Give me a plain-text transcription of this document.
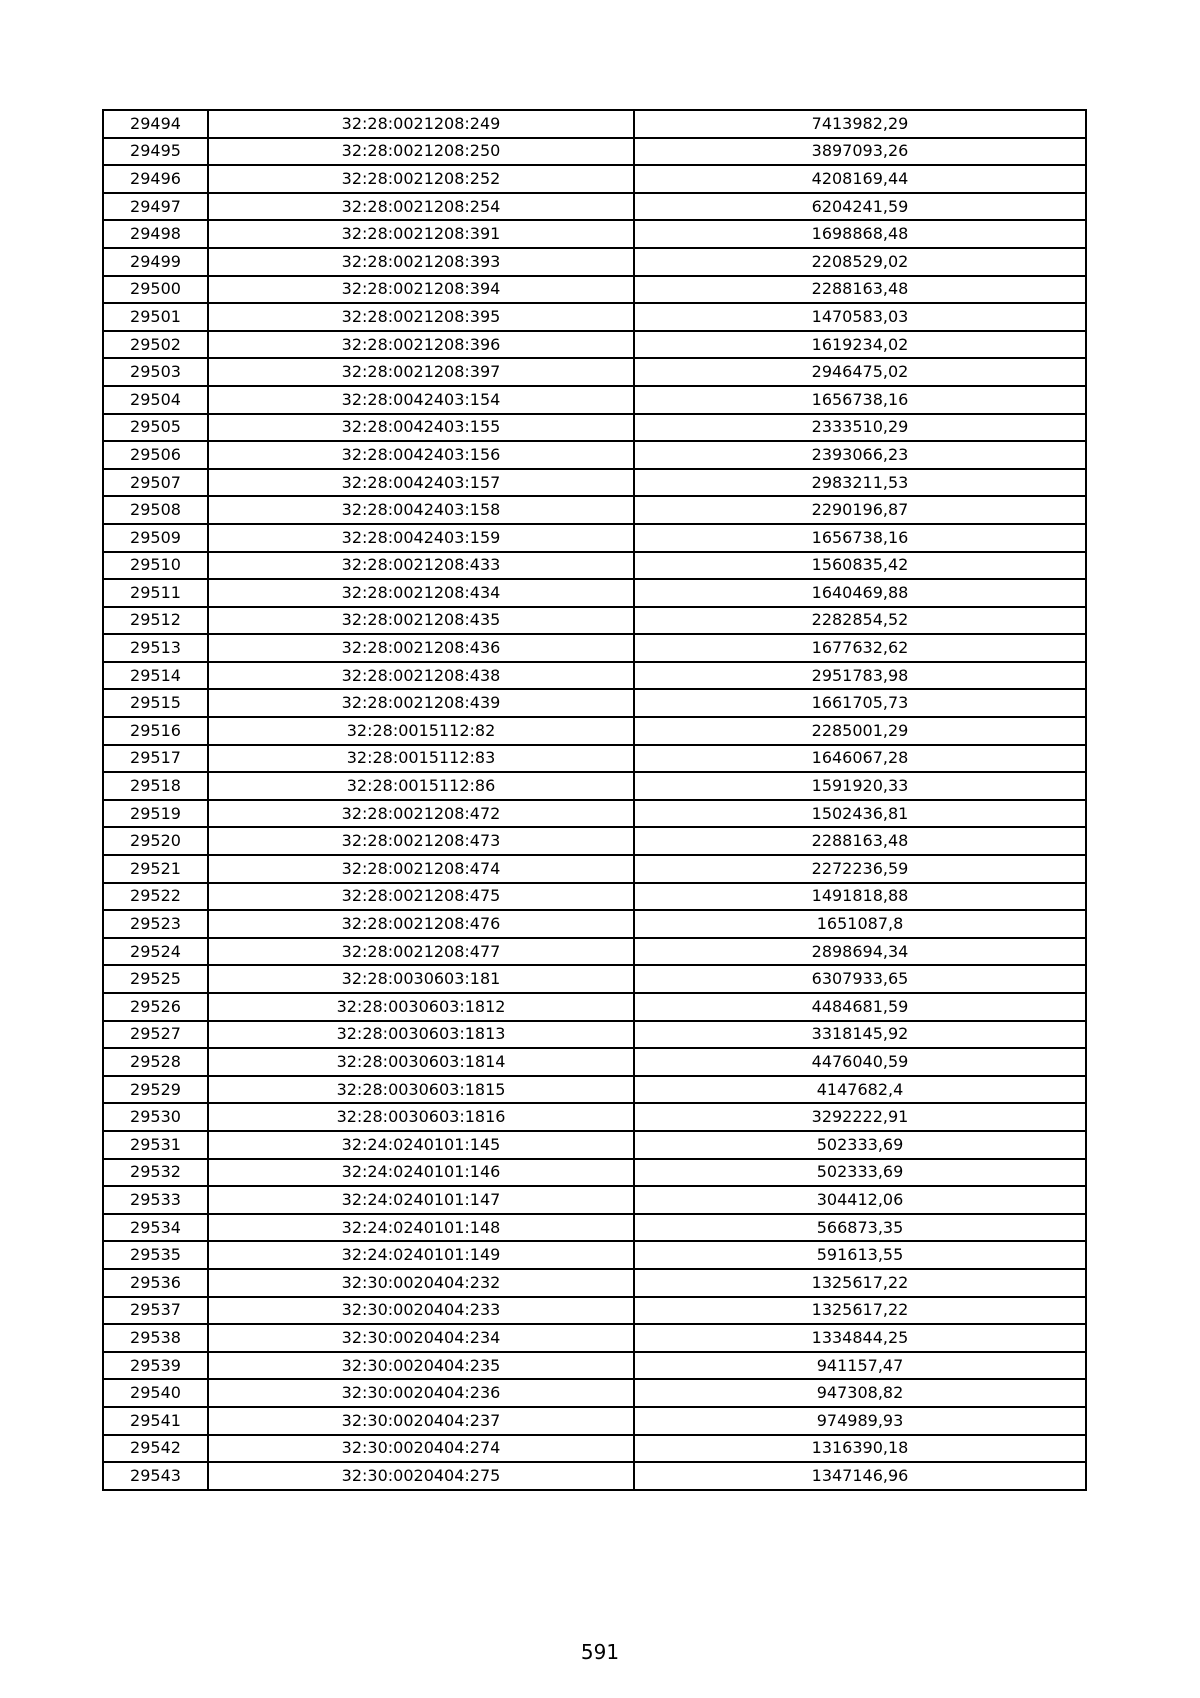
29494	32:28:0021208:249	7413982,29
29495	32:28:0021208:250	3897093,26
29496	32:28:0021208:252	4208169,44
29497	32:28:0021208:254	6204241,59
29498	32:28:0021208:391	1698868,48
29499	32:28:0021208:393	2208529,02
29500	32:28:0021208:394	2288163,48
29501	32:28:0021208:395	1470583,03
29502	32:28:0021208:396	1619234,02
29503	32:28:0021208:397	2946475,02
29504	32:28:0042403:154	1656738,16
29505	32:28:0042403:155	2333510,29
29506	32:28:0042403:156	2393066,23
29507	32:28:0042403:157	2983211,53
29508	32:28:0042403:158	2290196,87
29509	32:28:0042403:159	1656738,16
29510	32:28:0021208:433	1560835,42
29511	32:28:0021208:434	1640469,88
29512	32:28:0021208:435	2282854,52
29513	32:28:0021208:436	1677632,62
29514	32:28:0021208:438	2951783,98
29515	32:28:0021208:439	1661705,73
29516	32:28:0015112:82	2285001,29
29517	32:28:0015112:83	1646067,28
29518	32:28:0015112:86	1591920,33
29519	32:28:0021208:472	1502436,81
29520	32:28:0021208:473	2288163,48
29521	32:28:0021208:474	2272236,59
29522	32:28:0021208:475	1491818,88
29523	32:28:0021208:476	1651087,8
29524	32:28:0021208:477	2898694,34
29525	32:28:0030603:181	6307933,65
29526	32:28:0030603:1812	4484681,59
29527	32:28:0030603:1813	3318145,92
29528	32:28:0030603:1814	4476040,59
29529	32:28:0030603:1815	4147682,4
29530	32:28:0030603:1816	3292222,91
29531	32:24:0240101:145	502333,69
29532	32:24:0240101:146	502333,69
29533	32:24:0240101:147	304412,06
29534	32:24:0240101:148	566873,35
29535	32:24:0240101:149	591613,55
29536	32:30:0020404:232	1325617,22
29537	32:30:0020404:233	1325617,22
29538	32:30:0020404:234	1334844,25
29539	32:30:0020404:235	941157,47
29540	32:30:0020404:236	947308,82
29541	32:30:0020404:237	974989,93
29542	32:30:0020404:274	1316390,18
29543	32:30:0020404:275	1347146,96
591
